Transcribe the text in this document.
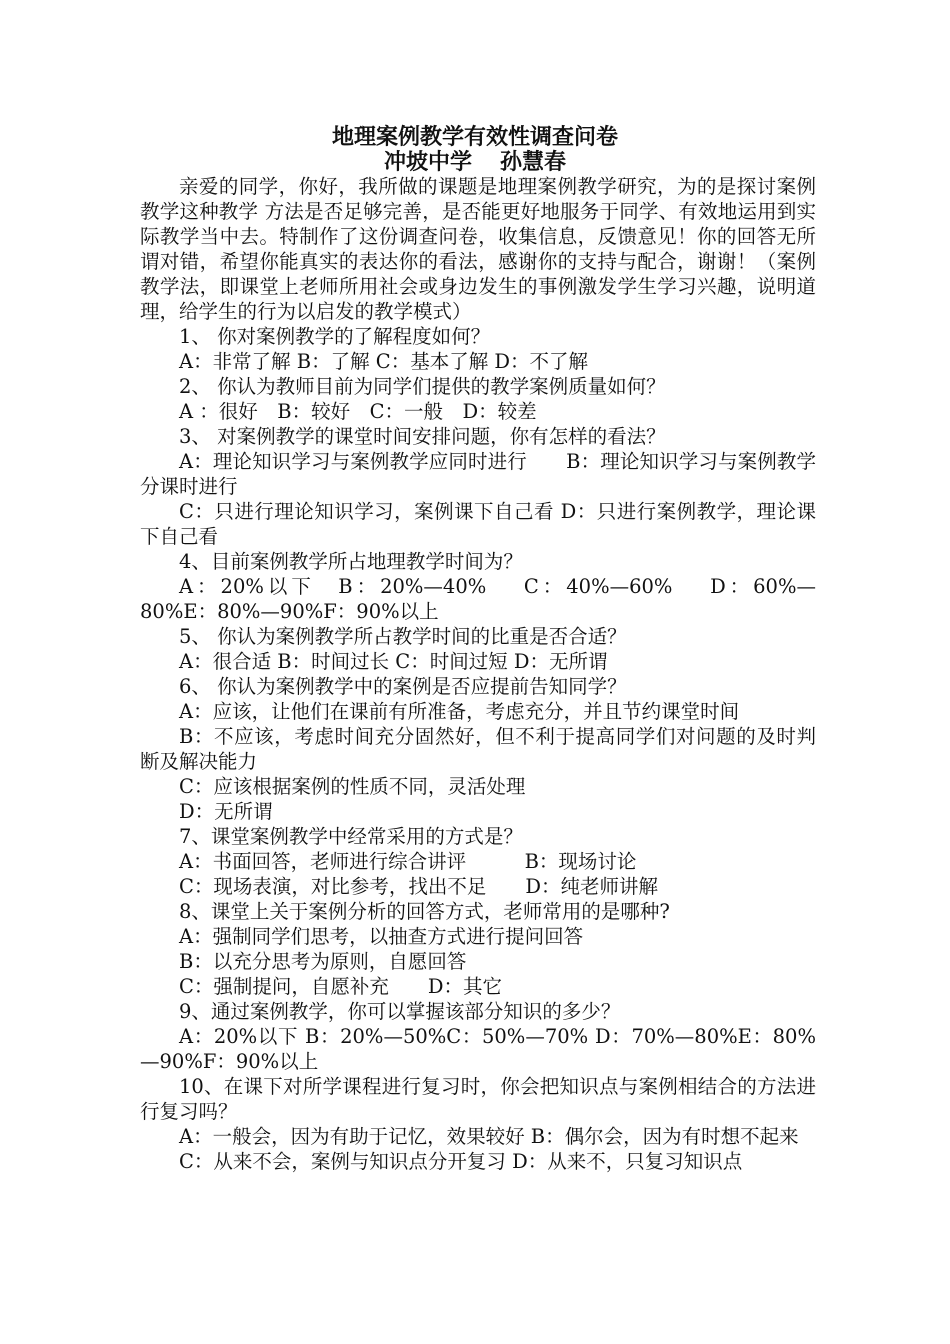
地理案例教学有效性调查问卷
冲坡中学 孙慧春

亲爱的同学，你好，我所做的课题是地理案例教学研究，为的是探讨案例教学这种教学 方法是否足够完善，是否能更好地服务于同学、有效地运用到实际教学当中去。特制作了这份调查问卷，收集信息，反馈意见！你的回答无所谓对错，希望你能真实的表达你的看法，感谢你的支持与配合，谢谢！（案例教学法，即课堂上老师所用社会或身边发生的事例激发学生学习兴趣，说明道理，给学生的行为以启发的教学模式）

1、 你对案例教学的了解程度如何？

A：非常了解 B：了解 C：基本了解 D：不了解

2、 你认为教师目前为同学们提供的教学案例质量如何？

A ：很好　B：较好　C：一般　D：较差

3、 对案例教学的课堂时间安排问题，你有怎样的看法？

A：理论知识学习与案例教学应同时进行　　B：理论知识学习与案例教学分课时进行

C：只进行理论知识学习，案例课下自己看 D：只进行案例教学，理论课下自己看

4、目前案例教学所占地理教学时间为？

A：20%以下　B：20%—40%　 C：40%—60%　 D：60%—80%E：80%—90%F：90%以上

5、 你认为案例教学所占教学时间的比重是否合适？

A：很合适 B：时间过长 C：时间过短 D：无所谓

6、 你认为案例教学中的案例是否应提前告知同学？

A：应该，让他们在课前有所准备，考虑充分，并且节约课堂时间

B：不应该，考虑时间充分固然好，但不利于提高同学们对问题的及时判断及解决能力

C：应该根据案例的性质不同，灵活处理

D：无所谓

7、课堂案例教学中经常采用的方式是？

A：书面回答，老师进行综合讲评　　　B：现场讨论

C：现场表演，对比参考，找出不足　　D：纯老师讲解

8、课堂上关于案例分析的回答方式，老师常用的是哪种?

A：强制同学们思考，以抽查方式进行提问回答

B：以充分思考为原则，自愿回答

C：强制提问，自愿补充　　D：其它

9、通过案例教学，你可以掌握该部分知识的多少？

A：20%以下 B：20%—50%C：50%—70% D：70%—80%E：80%—90%F：90%以上

10、在课下对所学课程进行复习时，你会把知识点与案例相结合的方法进行复习吗？

A：一般会，因为有助于记忆，效果较好 B：偶尔会，因为有时想不起来

C：从来不会，案例与知识点分开复习 D：从来不，只复习知识点
